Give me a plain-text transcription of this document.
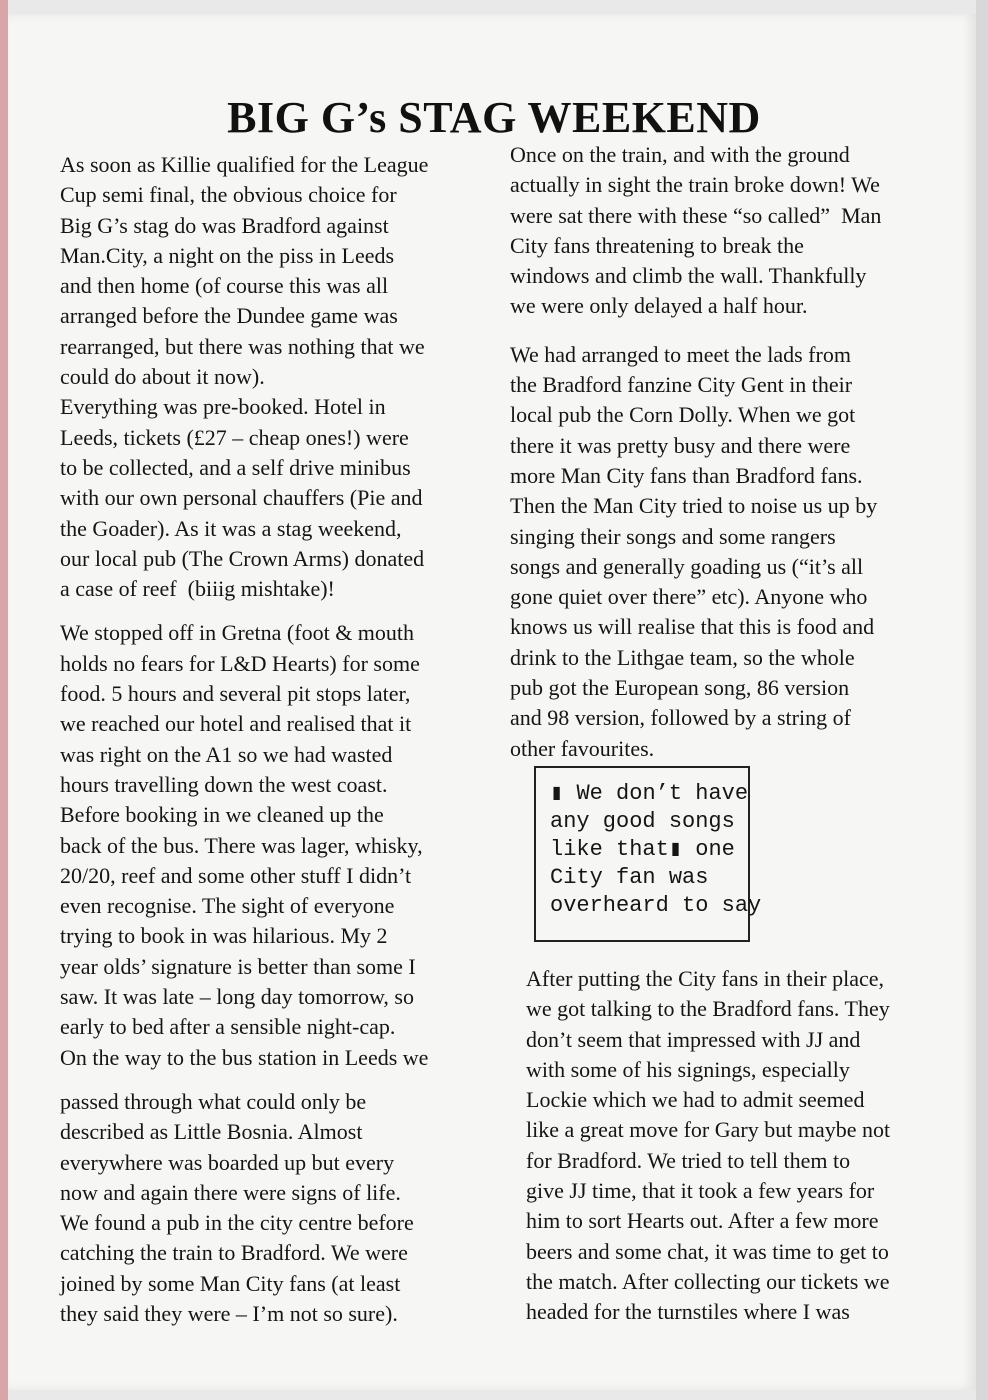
BIG G’s STAG WEEKEND

As soon as Killie qualified for the League

Cup semi final, the obvious choice for

Big G’s stag do was Bradford against

Man.City, a night on the piss in Leeds

and then home (of course this was all

arranged before the Dundee game was

rearranged, but there was nothing that we

could do about it now).

Everything was pre-booked. Hotel in

Leeds, tickets (£27 – cheap ones!) were

to be collected, and a self drive minibus

with our own personal chauffers (Pie and

the Goader). As it was a stag weekend,

our local pub (The Crown Arms) donated

a case of reef  (biiig mishtake)!

We stopped off in Gretna (foot & mouth

holds no fears for L&D Hearts) for some

food. 5 hours and several pit stops later,

we reached our hotel and realised that it

was right on the A1 so we had wasted

hours travelling down the west coast.

Before booking in we cleaned up the

back of the bus. There was lager, whisky,

20/20, reef and some other stuff I didn’t

even recognise. The sight of everyone

trying to book in was hilarious. My 2

year olds’ signature is better than some I

saw. It was late – long day tomorrow, so

early to bed after a sensible night-cap.

On the way to the bus station in Leeds we

passed through what could only be

described as Little Bosnia. Almost

everywhere was boarded up but every

now and again there were signs of life.

We found a pub in the city centre before

catching the train to Bradford. We were

joined by some Man City fans (at least

they said they were – I’m not so sure).

Once on the train, and with the ground

actually in sight the train broke down! We

were sat there with these “so called”  Man

City fans threatening to break the

windows and climb the wall. Thankfully

we were only delayed a half hour.

We had arranged to meet the lads from

the Bradford fanzine City Gent in their

local pub the Corn Dolly. When we got

there it was pretty busy and there were

more Man City fans than Bradford fans.

Then the Man City tried to noise us up by

singing their songs and some rangers

songs and generally goading us (“it’s all

gone quiet over there” etc). Anyone who

knows us will realise that this is food and

drink to the Lithgae team, so the whole

pub got the European song, 86 version

and 98 version, followed by a string of

other favourites.

▮ We don’t have

any good songs

like that▮ one

City fan was

overheard to say

After putting the City fans in their place,

we got talking to the Bradford fans. They

don’t seem that impressed with JJ and

with some of his signings, especially

Lockie which we had to admit seemed

like a great move for Gary but maybe not

for Bradford. We tried to tell them to

give JJ time, that it took a few years for

him to sort Hearts out. After a few more

beers and some chat, it was time to get to

the match. After collecting our tickets we

headed for the turnstiles where I was
